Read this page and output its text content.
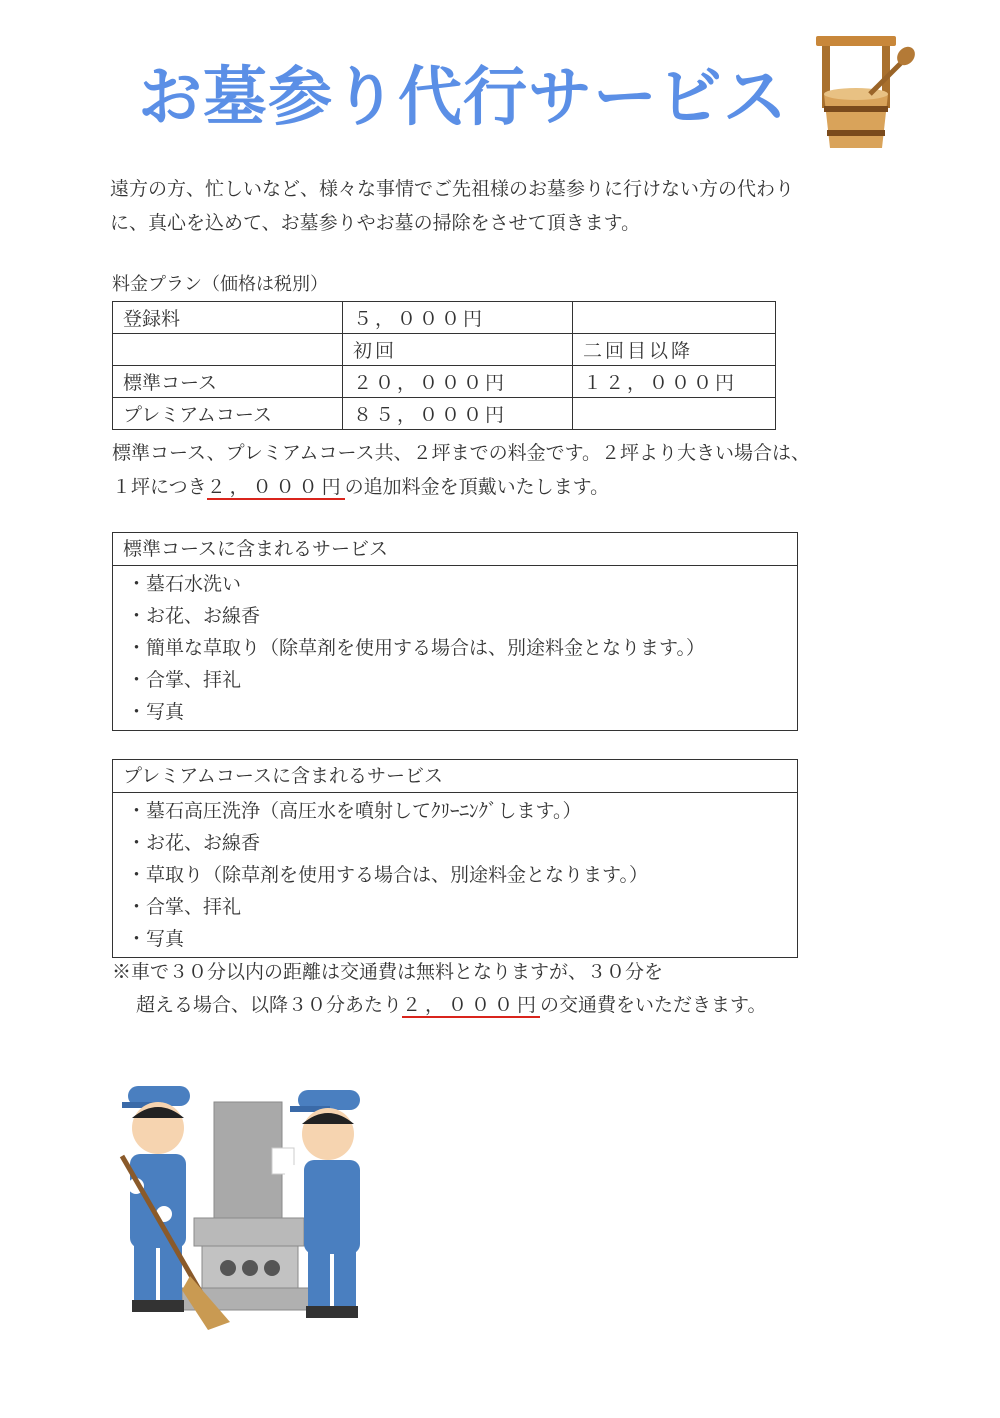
お墓参り代行サービス

遠方の方、忙しいなど、様々な事情でご先祖様のお墓参りに行けない方の代わり

に、真心を込めて、お墓参りやお墓の掃除をさせて頂きます。

料金プラン（価格は税別）
登録料	５，０００円	
	初回	二回目以降
標準コース	２０，０００円	１２，０００円
プレミアムコース	８５，０００円	

標準コース、プレミアムコース共、２坪までの料金です。２坪より大きい場合は、

１坪につき２，０００円の追加料金を頂戴いたします。

標準コースに含まれるサービス
・墓石水洗い
・お花、お線香
・簡単な草取り（除草剤を使用する場合は、別途料金となります。）
・合掌、拝礼
・写真
プレミアムコースに含まれるサービス
・墓石高圧洗浄（高圧水を噴射してｸﾘｰﾆﾝｸﾞします。）
・お花、お線香
・草取り（除草剤を使用する場合は、別途料金となります。）
・合掌、拝礼
・写真

※車で３０分以内の距離は交通費は無料となりますが、３０分を

超える場合、以降３０分あたり２，０００円の交通費をいただきます。
